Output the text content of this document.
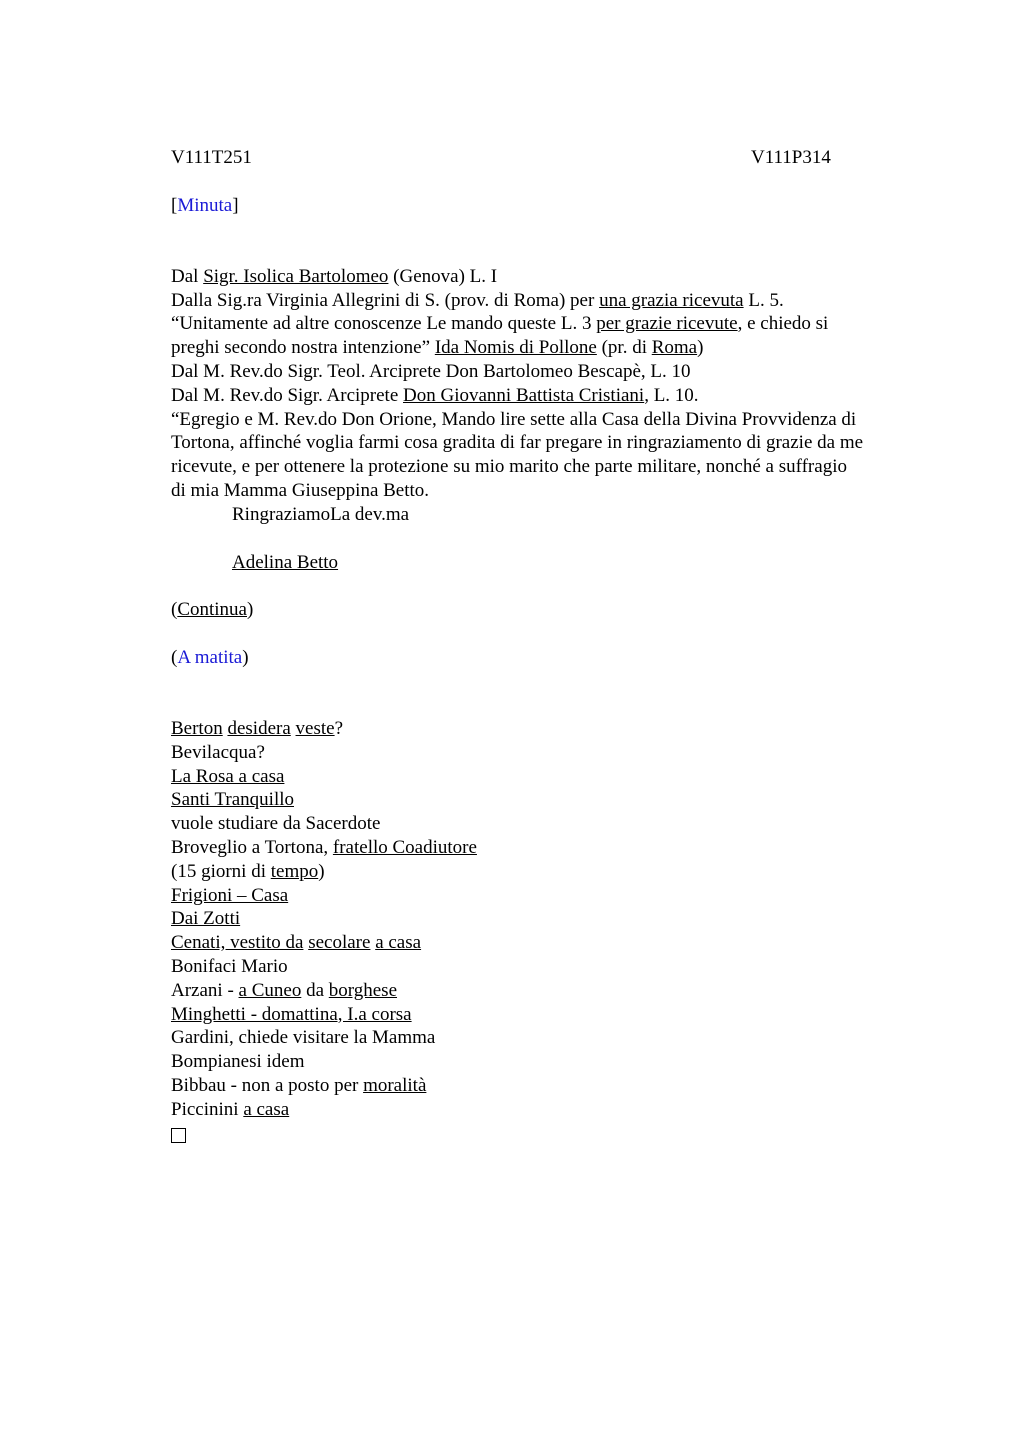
V111T251	V111P314
[Minuta]
Dal Sigr. Isolica Bartolomeo (Genova) L. I
Dalla Sig.ra Virginia Allegrini di S. (prov. di Roma) per una grazia ricevuta L. 5.
“Unitamente ad altre conoscenze Le mando queste L. 3 per grazie ricevute, e chiedo si
preghi secondo nostra intenzione” Ida Nomis di Pollone (pr. di Roma)
Dal M. Rev.do Sigr. Teol. Arciprete Don Bartolomeo Bescapè, L. 10
Dal M. Rev.do Sigr. Arciprete Don Giovanni Battista Cristiani, L. 10.
“Egregio e M. Rev.do Don Orione, Mando lire sette alla Casa della Divina Provvidenza di
Tortona, affinché voglia farmi cosa gradita di far pregare in ringraziamento di grazie da me
ricevute, e per ottenere la protezione su mio marito che parte militare, nonché a suffragio
di mia Mamma Giuseppina Betto.
RingraziamoLa dev.ma
Adelina Betto
(Continua)
(A matita)
Berton desidera veste?
Bevilacqua?
La Rosa a casa
Santi Tranquillo
vuole studiare da Sacerdote
Broveglio a Tortona, fratello Coadiutore
(15 giorni di tempo)
Frigioni – Casa
Dai Zotti
Cenati, vestito da secolare a casa
Bonifaci Mario
Arzani - a Cuneo da borghese
Minghetti - domattina, I.a corsa
Gardini, chiede visitare la Mamma
Bompianesi idem
Bibbau - non a posto per moralità
Piccinini a casa
